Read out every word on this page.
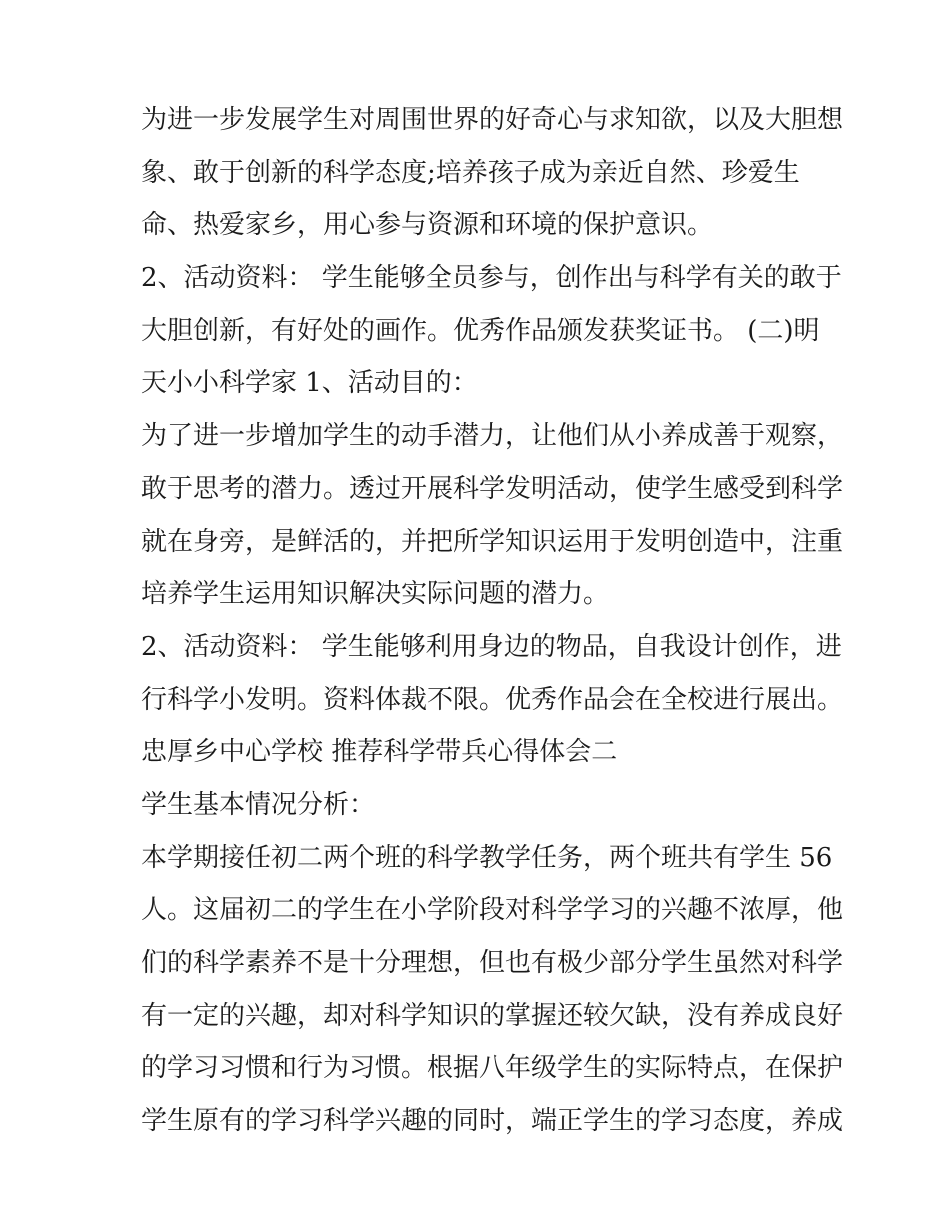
为进一步发展学生对周围世界的好奇心与求知欲，以及大胆想
象、敢于创新的科学态度;培养孩子成为亲近自然、珍爱生
命、热爱家乡，用心参与资源和环境的保护意识。
2、活动资料： 学生能够全员参与，创作出与科学有关的敢于
大胆创新，有好处的画作。优秀作品颁发获奖证书。 (二)明
天小小科学家 1、活动目的：
为了进一步增加学生的动手潜力，让他们从小养成善于观察，
敢于思考的潜力。透过开展科学发明活动，使学生感受到科学
就在身旁，是鲜活的，并把所学知识运用于发明创造中，注重
培养学生运用知识解决实际问题的潜力。
2、活动资料： 学生能够利用身边的物品，自我设计创作，进
行科学小发明。资料体裁不限。优秀作品会在全校进行展出。
忠厚乡中心学校 推荐科学带兵心得体会二
学生基本情况分析：
本学期接任初二两个班的科学教学任务，两个班共有学生 56
人。这届初二的学生在小学阶段对科学学习的兴趣不浓厚，他
们的科学素养不是十分理想，但也有极少部分学生虽然对科学
有一定的兴趣，却对科学知识的掌握还较欠缺，没有养成良好
的学习习惯和行为习惯。根据八年级学生的实际特点，在保护
学生原有的学习科学兴趣的同时，端正学生的学习态度，养成
